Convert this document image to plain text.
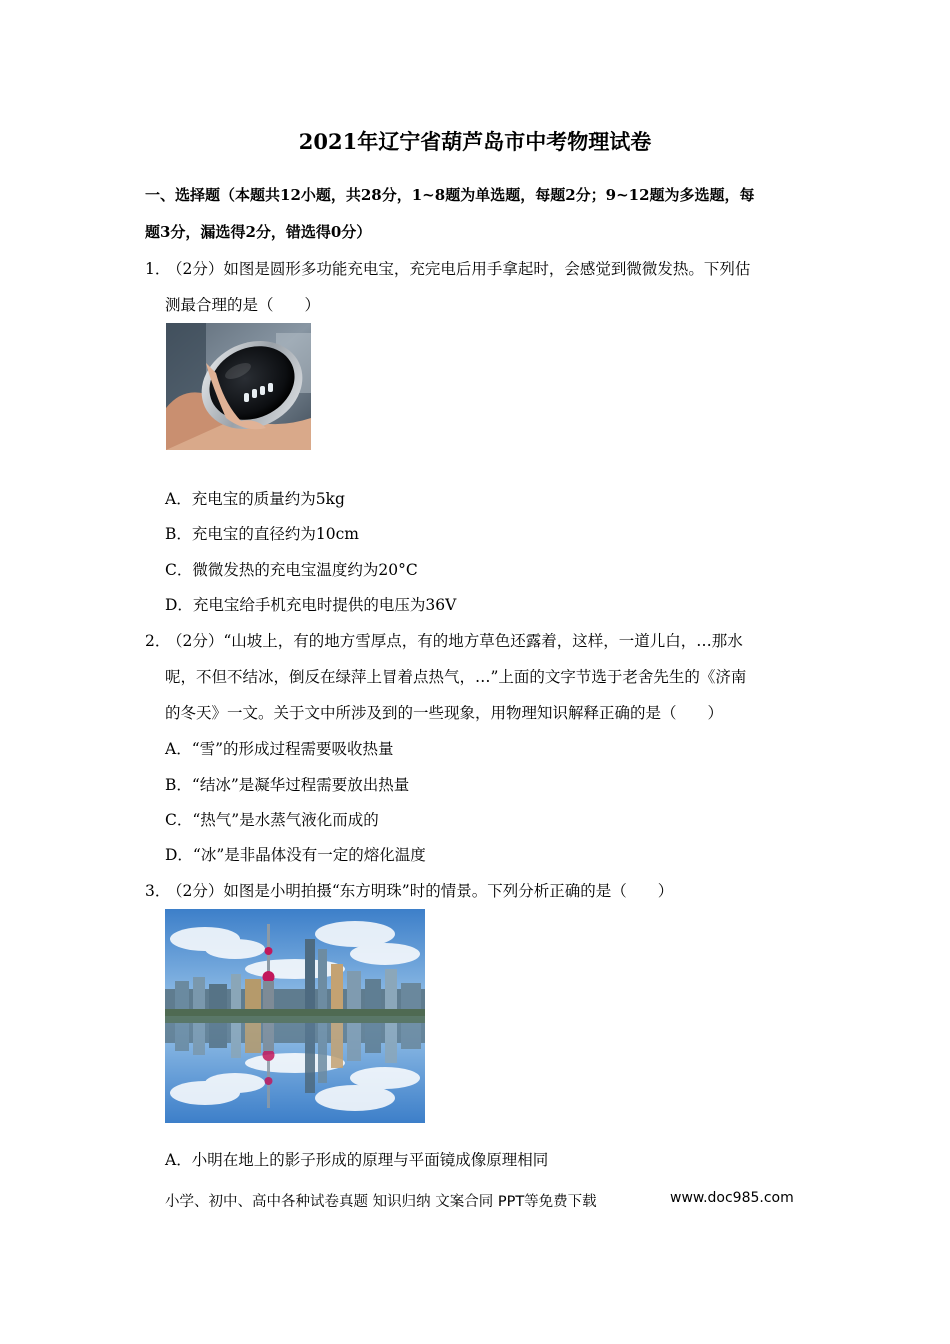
2021年辽宁省葫芦岛市中考物理试卷
一、选择题（本题共12小题，共28分，1~8题为单选题，每题2分；9~12题为多选题，每
题3分，漏选得2分，错选得0分）
1．
（2分）如图是圆形多功能充电宝，充完电后用手拿起时，会感觉到微微发热。下列估
测最合理的是（　　）
A．充电宝的质量约为5kg
B．充电宝的直径约为10cm
C．微微发热的充电宝温度约为20°C
D．充电宝给手机充电时提供的电压为36V
2．
（2分）“山坡上，有的地方雪厚点，有的地方草色还露着，这样，一道儿白，…那水
呢，不但不结冰，倒反在绿萍上冒着点热气，…”上面的文字节选于老舍先生的《济南
的冬天》一文。关于文中所涉及到的一些现象，用物理知识解释正确的是（　　）
A．“雪”的形成过程需要吸收热量
B．“结冰”是凝华过程需要放出热量
C．“热气”是水蒸气液化而成的
D．“冰”是非晶体没有一定的熔化温度
3．
（2分）如图是小明拍摄“东方明珠”时的情景。下列分析正确的是（　　）
A．小明在地上的影子形成的原理与平面镜成像原理相同
小学、初中、高中各种试卷真题 知识归纳 文案合同 PPT等免费下载	www.doc985.com
